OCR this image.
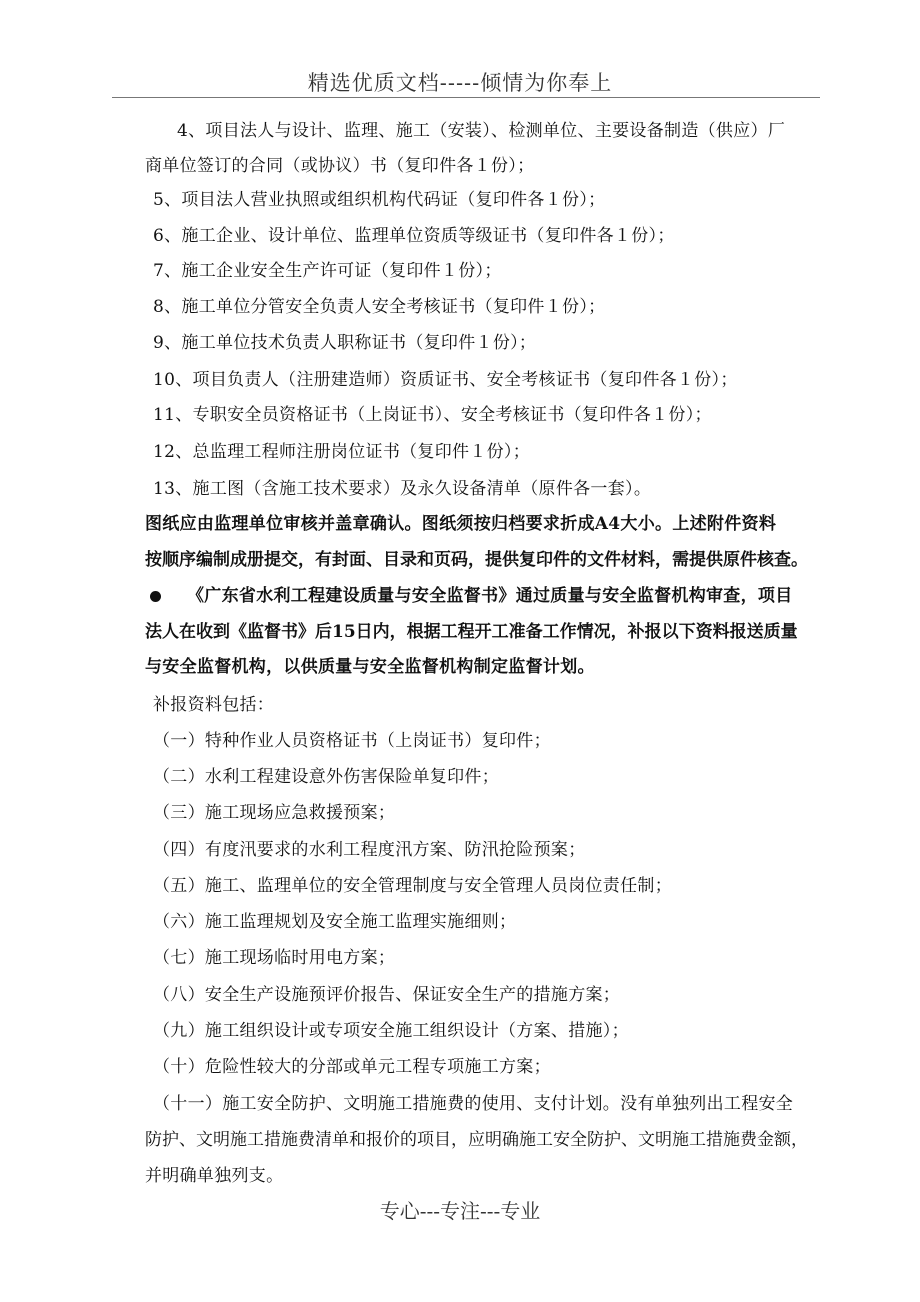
精选优质文档-----倾情为你奉上
4、项目法人与设计、监理、施工（安装）、检测单位、主要设备制造（供应）厂
商单位签订的合同（或协议）书（复印件各１份）；
5、项目法人营业执照或组织机构代码证（复印件各１份）；
6、施工企业、设计单位、监理单位资质等级证书（复印件各１份）；
7、施工企业安全生产许可证（复印件１份）；
8、施工单位分管安全负责人安全考核证书（复印件１份）；
9、施工单位技术负责人职称证书（复印件１份）；
10、项目负责人（注册建造师）资质证书、安全考核证书（复印件各１份）；
11、专职安全员资格证书（上岗证书）、安全考核证书（复印件各１份）；
12、总监理工程师注册岗位证书（复印件１份）；
13、施工图（含施工技术要求）及永久设备清单（原件各一套）。
图纸应由监理单位审核并盖章确认。图纸须按归档要求折成A4大小。上述附件资料
按顺序编制成册提交，有封面、目录和页码，提供复印件的文件材料，需提供原件核查。
《广东省水利工程建设质量与安全监督书》通过质量与安全监督机构审查，项目
法人在收到《监督书》后15日内，根据工程开工准备工作情况，补报以下资料报送质量
与安全监督机构，以供质量与安全监督机构制定监督计划。
补报资料包括：
（一）特种作业人员资格证书（上岗证书）复印件；
（二）水利工程建设意外伤害保险单复印件；
（三）施工现场应急救援预案；
（四）有度汛要求的水利工程度汛方案、防汛抢险预案；
（五）施工、监理单位的安全管理制度与安全管理人员岗位责任制；
（六）施工监理规划及安全施工监理实施细则；
（七）施工现场临时用电方案；
（八）安全生产设施预评价报告、保证安全生产的措施方案；
（九）施工组织设计或专项安全施工组织设计（方案、措施）；
（十）危险性较大的分部或单元工程专项施工方案；
（十一）施工安全防护、文明施工措施费的使用、支付计划。没有单独列出工程安全
防护、文明施工措施费清单和报价的项目，应明确施工安全防护、文明施工措施费金额，
并明确单独列支。
专心---专注---专业
